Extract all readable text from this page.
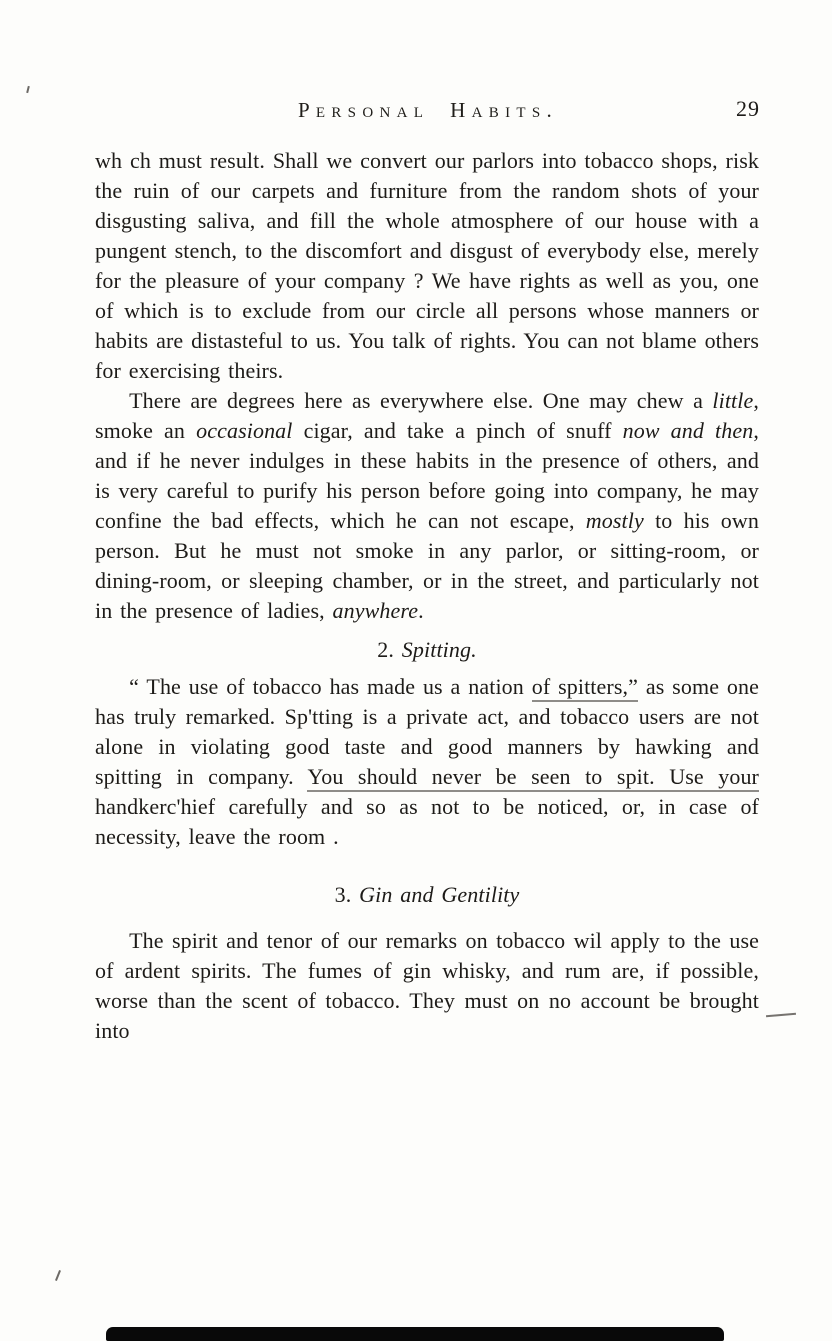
Personal Habits.	29

wh ch must result. Shall we convert our parlors into tobacco shops, risk the ruin of our carpets and furniture from the random shots of your disgusting saliva, and fill the whole atmosphere of our house with a pungent stench, to the discomfort and disgust of everybody else, merely for the pleasure of your company ? We have rights as well as you, one of which is to exclude from our circle all persons whose manners or habits are distasteful to us. You talk of rights. You can not blame others for exercising theirs.

There are degrees here as everywhere else. One may chew a little, smoke an occasional cigar, and take a pinch of snuff now and then, and if he never indulges in these habits in the presence of others, and is very careful to purify his person before going into company, he may confine the bad effects, which he can not escape, mostly to his own person. But he must not smoke in any parlor, or sitting-room, or dining-room, or sleeping chamber, or in the street, and particularly not in the presence of ladies, anywhere.

2. Spitting.

“ The use of tobacco has made us a nation of spitters,” as some one has truly remarked. Sp'tting is a private act, and tobacco users are not alone in violating good taste and good manners by hawking and spitting in company. You should never be seen to spit. Use your handkerc'hief carefully and so as not to be noticed, or, in case of necessity, leave the room .

3. Gin and Gentility

The spirit and tenor of our remarks on tobacco wil apply to the use of ardent spirits. The fumes of gin whisky, and rum are, if possible, worse than the scent of tobacco. They must on no account be brought into
